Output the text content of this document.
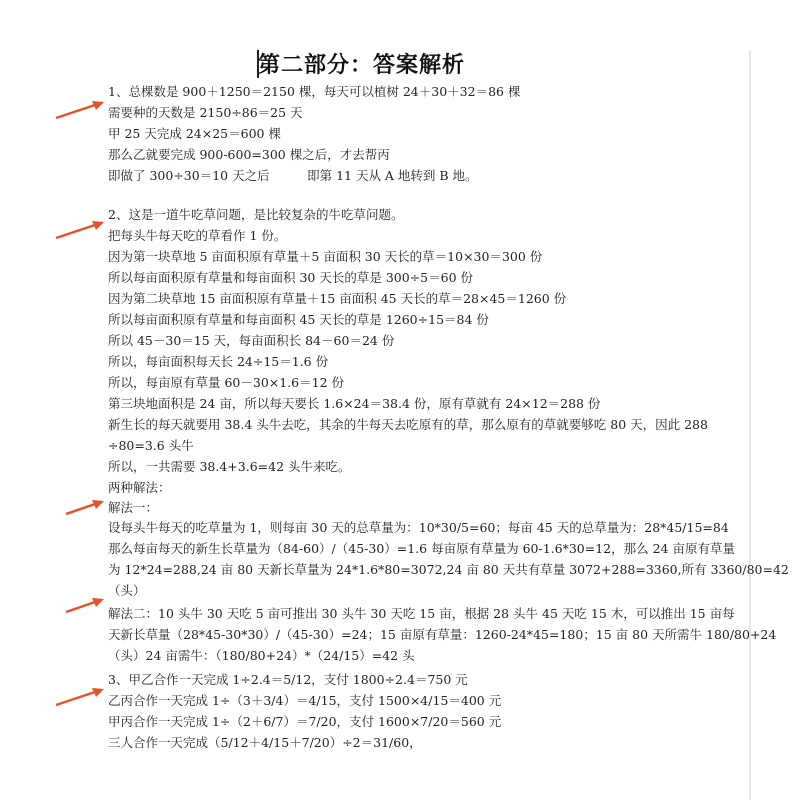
第二部分：答案解析
1、总棵数是 900＋1250＝2150 棵，每天可以植树 24＋30＋32＝86 棵
需要种的天数是 2150÷86＝25 天
甲 25 天完成 24×25＝600 棵
那么乙就要完成 900-600=300 棵之后，才去帮丙
即做了 300÷30＝10 天之后　　　即第 11 天从 A 地转到 B 地。
2、这是一道牛吃草问题，是比较复杂的牛吃草问题。
把每头牛每天吃的草看作 1 份。
因为第一块草地 5 亩面积原有草量＋5 亩面积 30 天长的草＝10×30＝300 份
所以每亩面积原有草量和每亩面积 30 天长的草是 300÷5＝60 份
因为第二块草地 15 亩面积原有草量＋15 亩面积 45 天长的草＝28×45＝1260 份
所以每亩面积原有草量和每亩面积 45 天长的草是 1260÷15＝84 份
所以 45－30＝15 天，每亩面积长 84－60＝24 份
所以，每亩面积每天长 24÷15＝1.6 份
所以，每亩原有草量 60－30×1.6＝12 份
第三块地面积是 24 亩，所以每天要长 1.6×24＝38.4 份，原有草就有 24×12＝288 份
新生长的每天就要用 38.4 头牛去吃，其余的牛每天去吃原有的草，那么原有的草就要够吃 80 天，因此 288
÷80=3.6 头牛
所以，一共需要 38.4+3.6=42 头牛来吃。
两种解法：
解法一：
设每头牛每天的吃草量为 1，则每亩 30 天的总草量为：10*30/5=60；每亩 45 天的总草量为：28*45/15=84
那么每亩每天的新生长草量为（84-60）/（45-30）=1.6 每亩原有草量为 60-1.6*30=12，那么 24 亩原有草量
为 12*24=288,24 亩 80 天新长草量为 24*1.6*80=3072,24 亩 80 天共有草量 3072+288=3360,所有 3360/80=42
（头）
解法二：10 头牛 30 天吃 5 亩可推出 30 头牛 30 天吃 15 亩，根据 28 头牛 45 天吃 15 木，可以推出 15 亩每
天新长草量（28*45-30*30）/（45-30）=24；15 亩原有草量：1260-24*45=180；15 亩 80 天所需牛 180/80+24
（头）24 亩需牛：（180/80+24）*（24/15）=42 头
3、甲乙合作一天完成 1÷2.4＝5/12，支付 1800÷2.4＝750 元
乙丙合作一天完成 1÷（3＋3/4）＝4/15，支付 1500×4/15＝400 元
甲丙合作一天完成 1÷（2＋6/7）＝7/20，支付 1600×7/20＝560 元
三人合作一天完成（5/12＋4/15＋7/20）÷2＝31/60，
